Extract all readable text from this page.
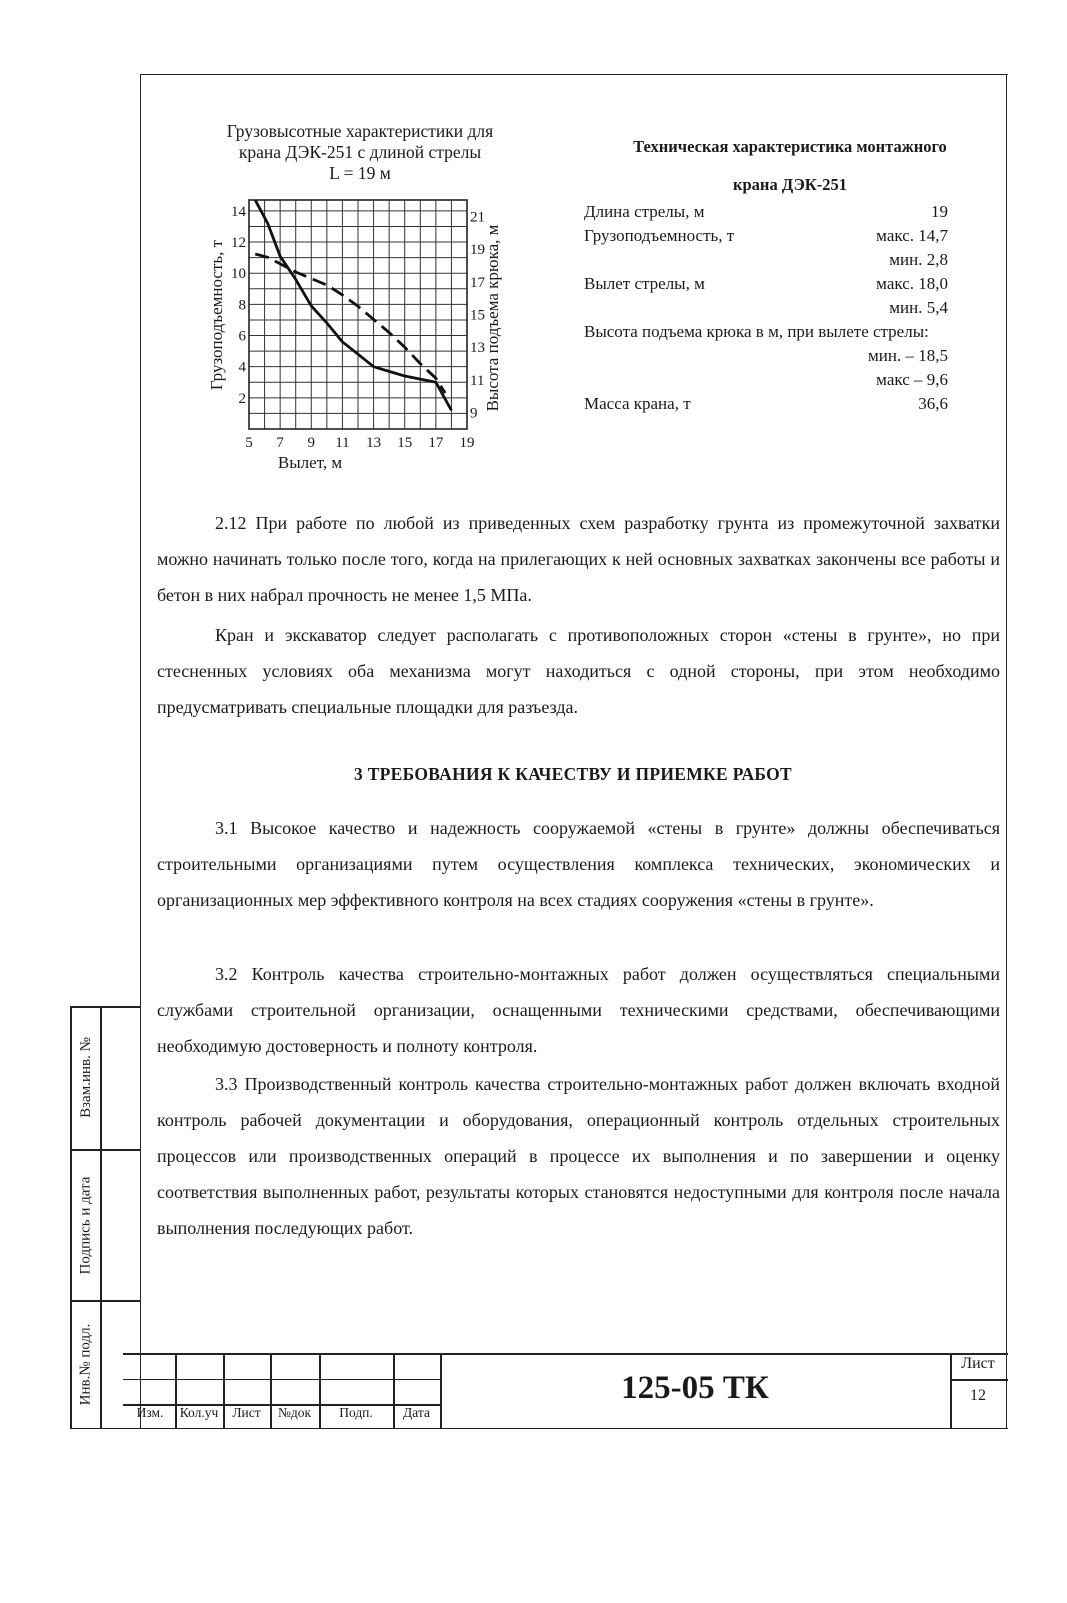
Грузовысотные характеристики для
крана ДЭК-251 с длиной стрелы
L = 19 м
5 7 9 11 13 15 17 19
2
4
6
8
10
12
14
9
11
13
15
17
19
21
Вылет, м
Грузоподъемность, т	Высота подъема крюка, м
Техническая характеристика монтажного
крана ДЭК-251
Длина стрелы, м	19
Грузоподъемность, т	макс. 14,7
мин. 2,8
Вылет стрелы, м	макс. 18,0
мин. 5,4
Высота подъема крюка в м, при вылете стрелы:
мин. – 18,5
макс – 9,6
Масса крана, т	36,6

2.12 При работе по любой из приведенных схем разработку грунта из промежуточной захватки можно начинать только после того, когда на прилегающих к ней основных захватках закончены все работы и бетон в них набрал прочность не менее 1,5 МПа.

Кран и экскаватор следует располагать с противоположных сторон «стены в грунте», но при стесненных условиях оба механизма могут находиться с одной стороны, при этом необходимо предусматривать специальные площадки для разъезда.

3 ТРЕБОВАНИЯ К КАЧЕСТВУ И ПРИЕМКЕ РАБОТ

3.1 Высокое качество и надежность сооружаемой «стены в грунте» должны обеспечиваться строительными организациями путем осуществления комплекса технических, экономических и организационных мер эффективного контроля на всех стадиях сооружения «стены в грунте».

3.2 Контроль качества строительно-монтажных работ должен осуществляться специальными службами строительной организации, оснащенными техническими средствами, обеспечивающими необходимую достоверность и полноту контроля.

3.3 Производственный контроль качества строительно-монтажных работ должен включать входной контроль рабочей документации и оборудования, операционный контроль отдельных строительных процессов или производственных операций в процессе их выполнения и по завершении и оценку соответствия выполненных работ, результаты которых становятся недоступными для контроля после начала выполнения последующих работ.

Взам.инв. №
Подпись и дата
Инв.№ подл.
Изм.	Кол.уч	Лист	№док	Подп.	Дата
125-05 ТК
Лист
12
